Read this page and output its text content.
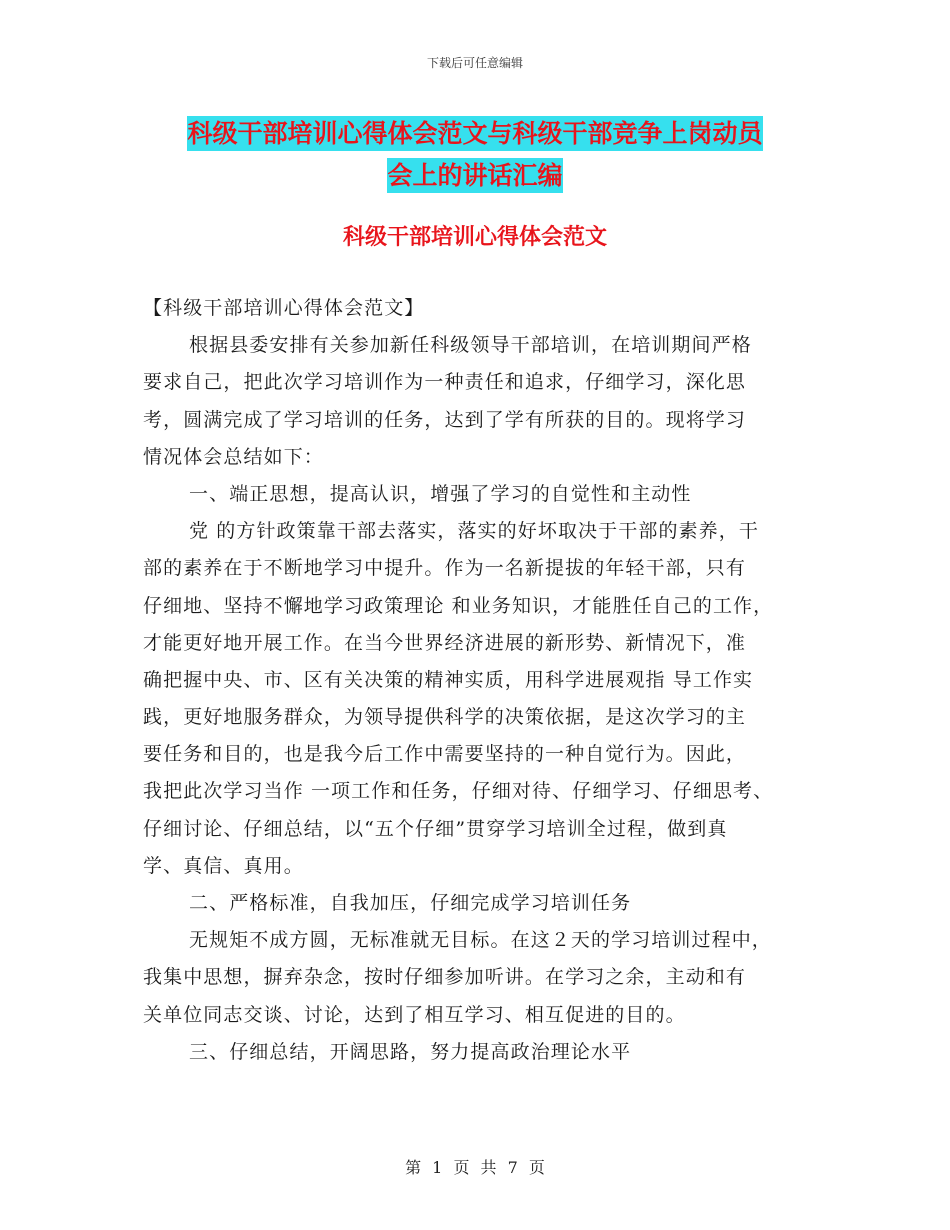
下载后可任意编辑
科级干部培训心得体会范文与科级干部竞争上岗动员
会上的讲话汇编
科级干部培训心得体会范文
【科级干部培训心得体会范文】
根据县委安排有关参加新任科级领导干部培训，在培训期间严格
要求自己，把此次学习培训作为一种责任和追求，仔细学习，深化思
考，圆满完成了学习培训的任务，达到了学有所获的目的。现将学习
情况体会总结如下：
一、端正思想，提高认识，增强了学习的自觉性和主动性
党 的方针政策靠干部去落实，落实的好坏取决于干部的素养，干
部的素养在于不断地学习中提升。作为一名新提拔的年轻干部，只有
仔细地、坚持不懈地学习政策理论 和业务知识，才能胜任自己的工作，
才能更好地开展工作。在当今世界经济进展的新形势、新情况下，准
确把握中央、市、区有关决策的精神实质，用科学进展观指 导工作实
践，更好地服务群众，为领导提供科学的决策依据，是这次学习的主
要任务和目的，也是我今后工作中需要坚持的一种自觉行为。因此，
我把此次学习当作 一项工作和任务，仔细对待、仔细学习、仔细思考、
仔细讨论、仔细总结，以“五个仔细”贯穿学习培训全过程，做到真
学、真信、真用。
二、严格标准，自我加压，仔细完成学习培训任务
无规矩不成方圆，无标准就无目标。在这２天的学习培训过程中，
我集中思想，摒弃杂念，按时仔细参加听讲。在学习之余，主动和有
关单位同志交谈、讨论，达到了相互学习、相互促进的目的。
三、仔细总结，开阔思路，努力提高政治理论水平
第 1 页 共 7 页
